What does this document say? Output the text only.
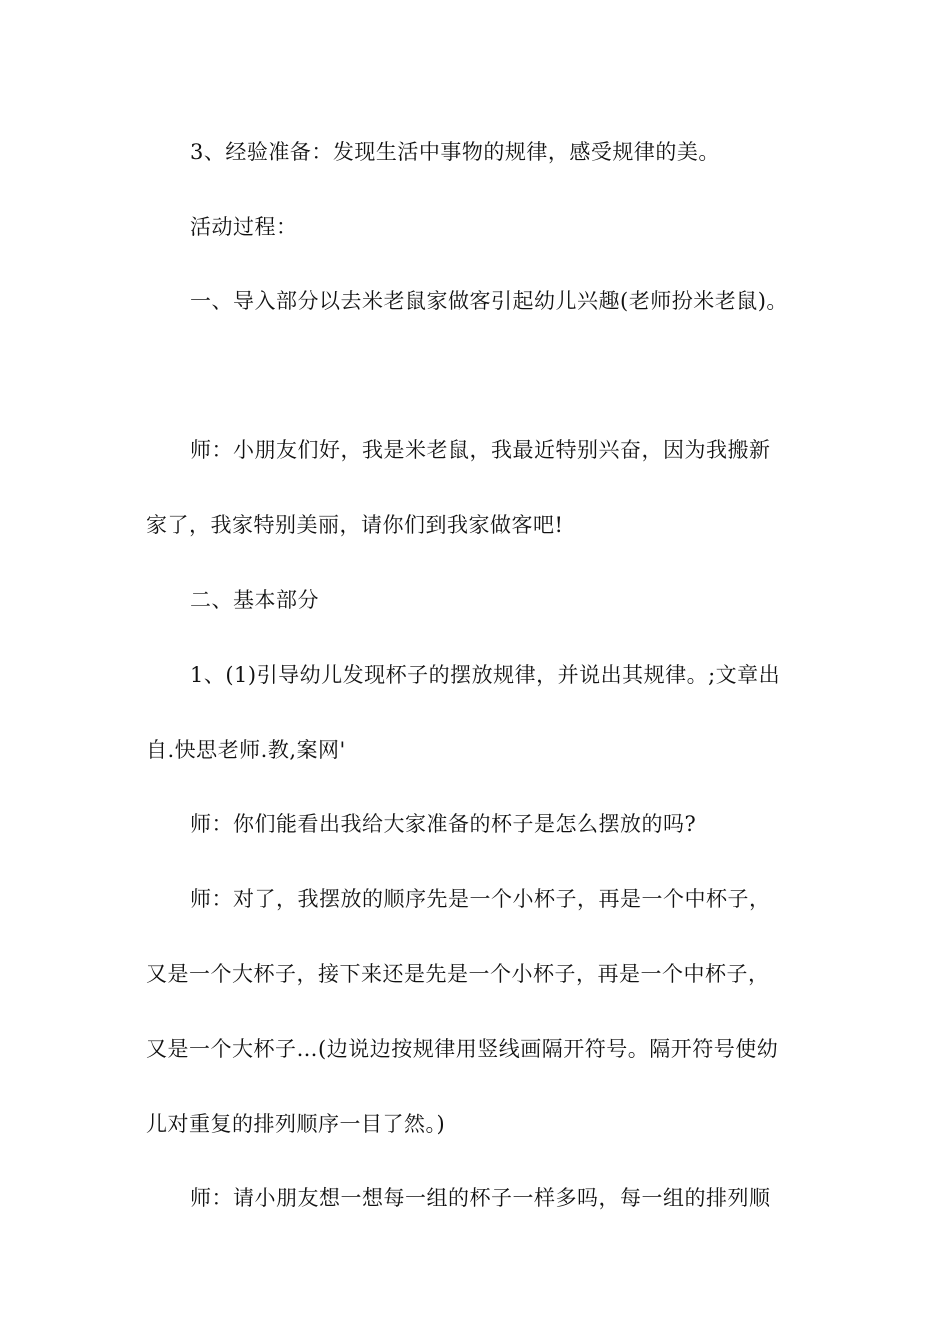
3、经验准备：发现生活中事物的规律，感受规律的美。
活动过程：
一、导入部分以去米老鼠家做客引起幼儿兴趣(老师扮米老鼠)。
师：小朋友们好，我是米老鼠，我最近特别兴奋，因为我搬新
家了，我家特别美丽，请你们到我家做客吧!
二、基本部分
1、(1)引导幼儿发现杯子的摆放规律，并说出其规律。;文章出
自.快思老师.教,案网'
师：你们能看出我给大家准备的杯子是怎么摆放的吗?
师：对了，我摆放的顺序先是一个小杯子，再是一个中杯子，
又是一个大杯子，接下来还是先是一个小杯子，再是一个中杯子，
又是一个大杯子…(边说边按规律用竖线画隔开符号。隔开符号使幼
儿对重复的排列顺序一目了然。)
师：请小朋友想一想每一组的杯子一样多吗，每一组的排列顺
